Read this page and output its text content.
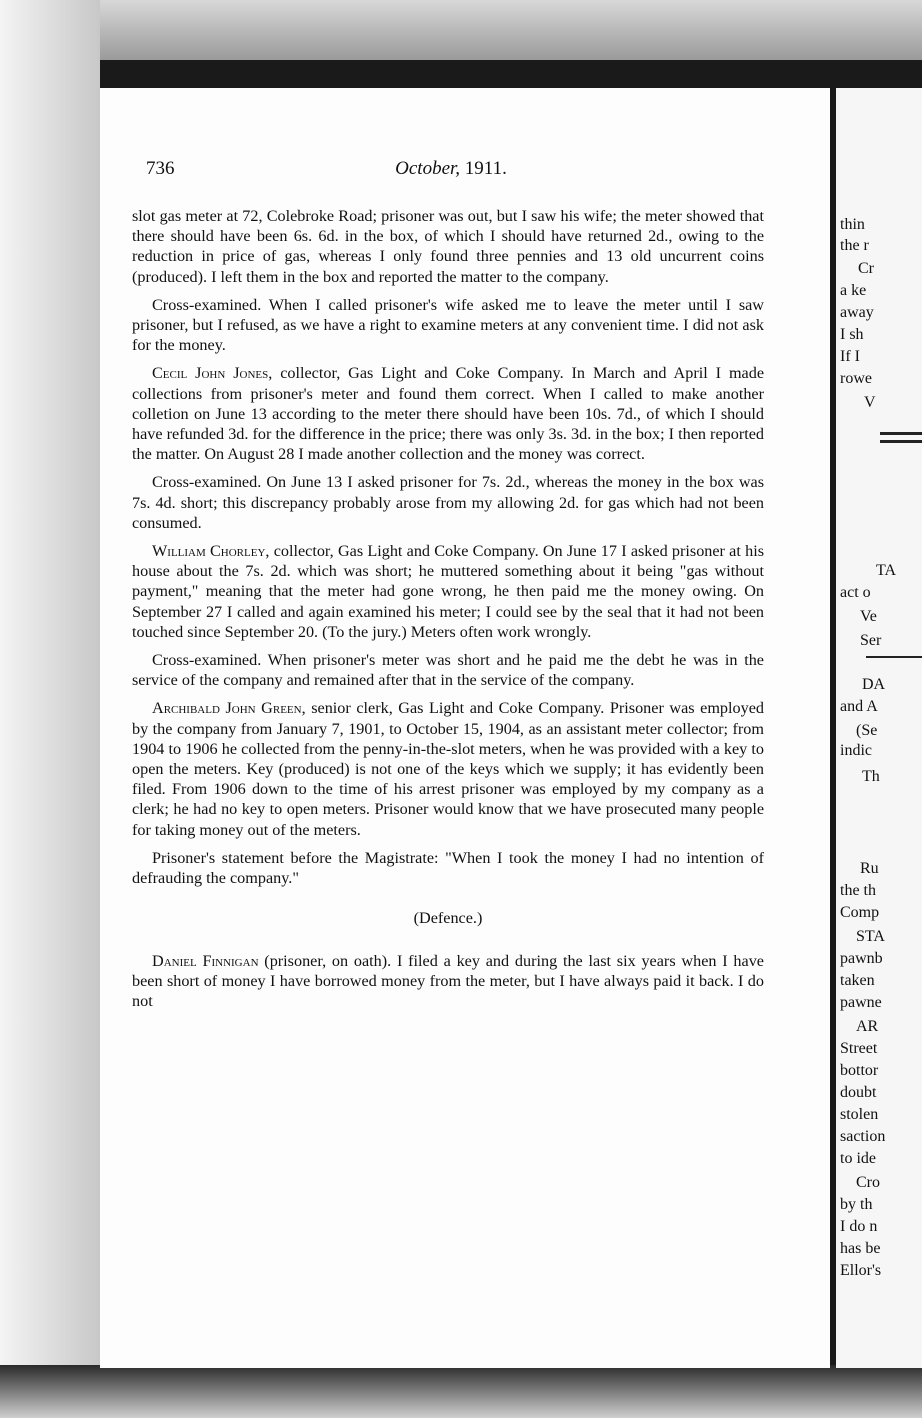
736	October, 1911.

slot gas meter at 72, Colebroke Road; prisoner was out, but I saw his wife; the meter showed that there should have been 6s. 6d. in the box, of which I should have returned 2d., owing to the reduction in price of gas, whereas I only found three pennies and 13 old uncurrent coins (produced). I left them in the box and reported the matter to the company.

Cross-examined. When I called prisoner's wife asked me to leave the meter until I saw prisoner, but I refused, as we have a right to examine meters at any convenient time. I did not ask for the money.

Cecil John Jones, collector, Gas Light and Coke Company. In March and April I made collections from prisoner's meter and found them correct. When I called to make another colletion on June 13 according to the meter there should have been 10s. 7d., of which I should have refunded 3d. for the difference in the price; there was only 3s. 3d. in the box; I then reported the matter. On August 28 I made another collection and the money was correct.

Cross-examined. On June 13 I asked prisoner for 7s. 2d., whereas the money in the box was 7s. 4d. short; this discrepancy probably arose from my allowing 2d. for gas which had not been consumed.

William Chorley, collector, Gas Light and Coke Company. On June 17 I asked prisoner at his house about the 7s. 2d. which was short; he muttered something about it being "gas without payment," meaning that the meter had gone wrong, he then paid me the money owing. On September 27 I called and again examined his meter; I could see by the seal that it had not been touched since September 20. (To the jury.) Meters often work wrongly.

Cross-examined. When prisoner's meter was short and he paid me the debt he was in the service of the company and remained after that in the service of the company.

Archibald John Green, senior clerk, Gas Light and Coke Company. Prisoner was employed by the company from January 7, 1901, to October 15, 1904, as an assistant meter collector; from 1904 to 1906 he collected from the penny-in-the-slot meters, when he was provided with a key to open the meters. Key (produced) is not one of the keys which we supply; it has evidently been filed. From 1906 down to the time of his arrest prisoner was employed by my company as a clerk; he had no key to open meters. Prisoner would know that we have prosecuted many people for taking money out of the meters.

Prisoner's statement before the Magistrate: "When I took the money I had no intention of defrauding the company."

(Defence.)

Daniel Finnigan (prisoner, on oath). I filed a key and during the last six years when I have been short of money I have borrowed money from the meter, but I have always paid it back. I do not

thin
the r
Cr
a ke
away
I sh
If I
rowe
V
TA
act o
Ve
Ser
DA
and A
(Se
indic
Th
Ru
the th
Comp
STA
pawnb
taken
pawne
AR
Street
bottor
doubt
stolen
saction
to ide
Cro
by th
I do n
has be
Ellor's
